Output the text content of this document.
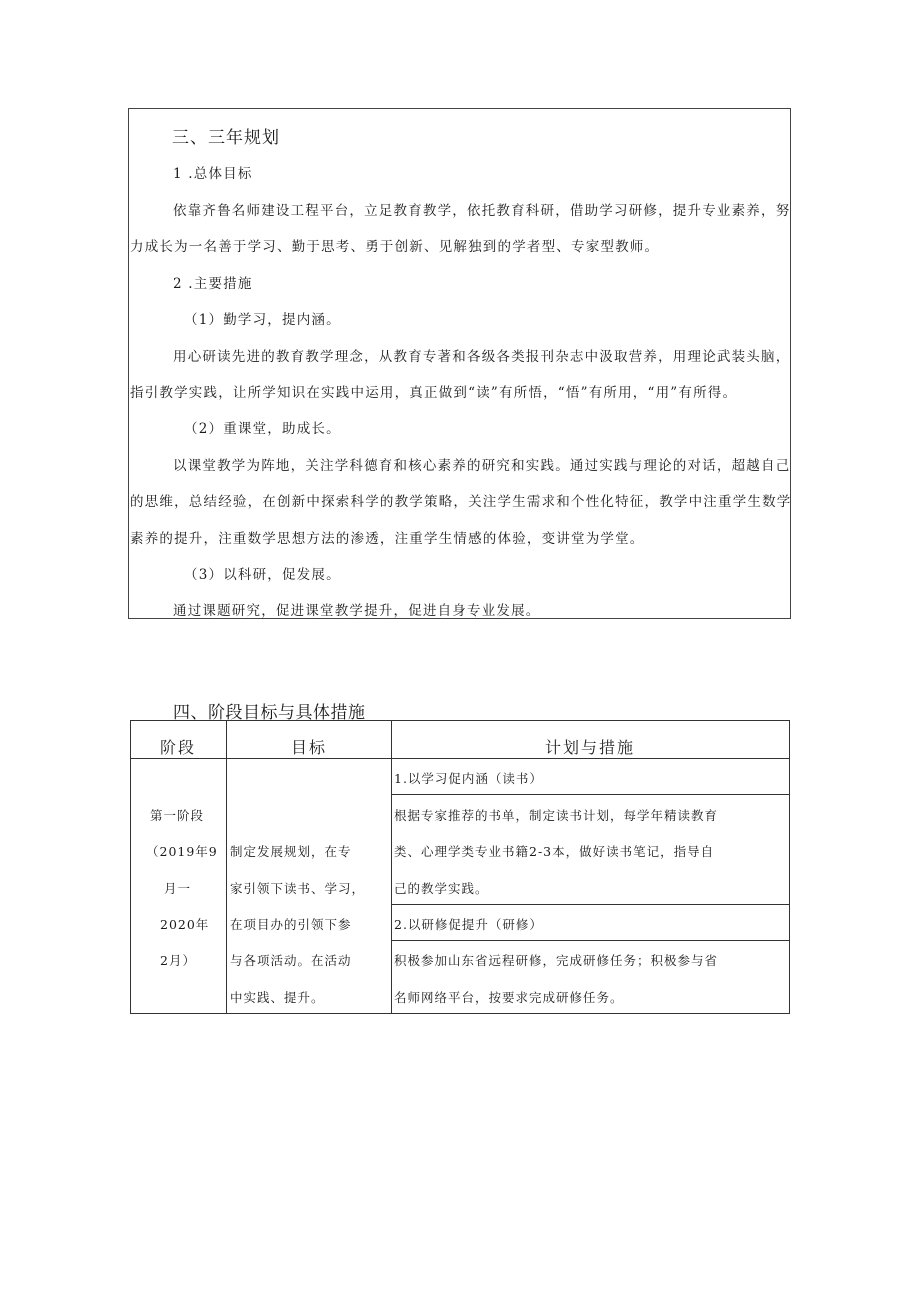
三、三年规划
1 .总体目标
依靠齐鲁名师建设工程平台，立足教育教学，依托教育科研，借助学习研修，提升专业素养，努
力成长为一名善于学习、勤于思考、勇于创新、见解独到的学者型、专家型教师。
2 .主要措施
（1）勤学习，提内涵。
用心研读先进的教育教学理念，从教育专著和各级各类报刊杂志中汲取营养，用理论武装头脑，
指引教学实践，让所学知识在实践中运用，真正做到“读”有所悟，“悟”有所用，“用”有所得。
（2）重课堂，助成长。
以课堂教学为阵地，关注学科德育和核心素养的研究和实践。通过实践与理论的对话，超越自己
的思维，总结经验，在创新中探索科学的教学策略，关注学生需求和个性化特征，教学中注重学生数学
素养的提升，注重数学思想方法的渗透，注重学生情感的体验，变讲堂为学堂。
（3）以科研，促发展。
通过课题研究，促进课堂教学提升，促进自身专业发展。
四、阶段目标与具体措施
阶段	目标	计划与措施
第一阶段
（2019年9
月一
2020年
2月）
制定发展规划，在专
家引领下读书、学习，
在项目办的引领下参
与各项活动。在活动
中实践、提升。
1.以学习促内涵（读书）
根据专家推荐的书单，制定读书计划，每学年精读教育
类、心理学类专业书籍2-3本，做好读书笔记，指导自
己的教学实践。
2.以研修促提升（研修）
积极参加山东省远程研修，完成研修任务；积极参与省
名师网络平台，按要求完成研修任务。
